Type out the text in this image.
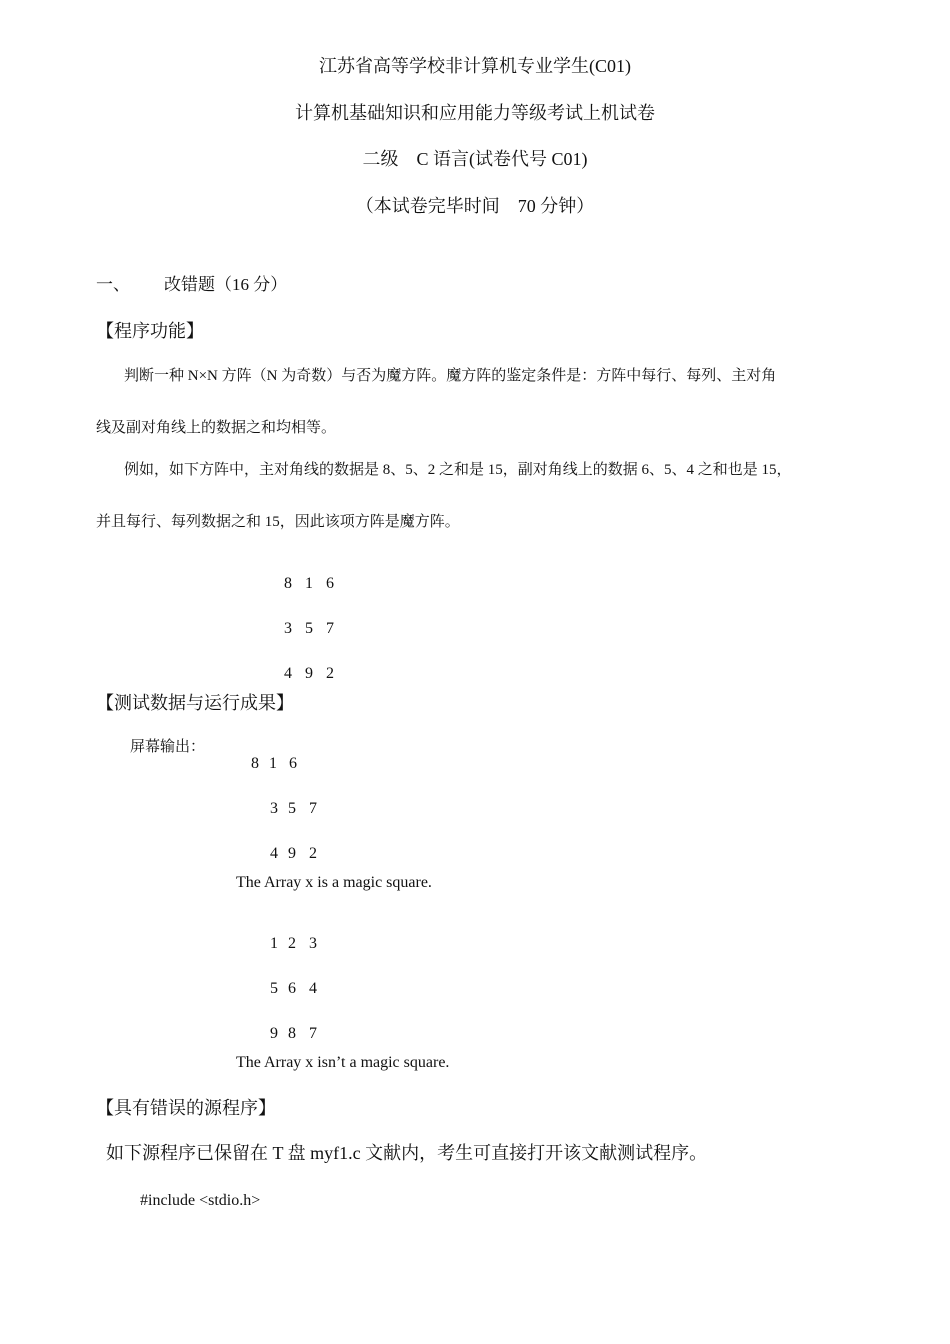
江苏省高等学校非计算机专业学生(C01)
计算机基础知识和应用能力等级考试上机试卷
二级　C 语言(试卷代号 C01)
（本试卷完毕时间　70 分钟）
一、 改错题（16 分）
【程序功能】
判断一种 N×N 方阵（N 为奇数）与否为魔方阵。魔方阵的鉴定条件是：方阵中每行、每列、主对角
线及副对角线上的数据之和均相等。
例如，如下方阵中，主对角线的数据是 8、5、2 之和是 15，副对角线上的数据 6、5、4 之和也是 15，
并且每行、每列数据之和 15，因此该项方阵是魔方阵。

8 1 6

3 5 7

4 9 2

【测试数据与运行成果】
屏幕输出：

8 1 6

3 5 7

4 9 2

The Array x is a magic square.

1 2 3

5 6 4

9 8 7

The Array x isn’t a magic square.
【具有错误的源程序】
如下源程序已保留在 T 盘 myf1.c 文献内，考生可直接打开该文献测试程序。
#include <stdio.h>
